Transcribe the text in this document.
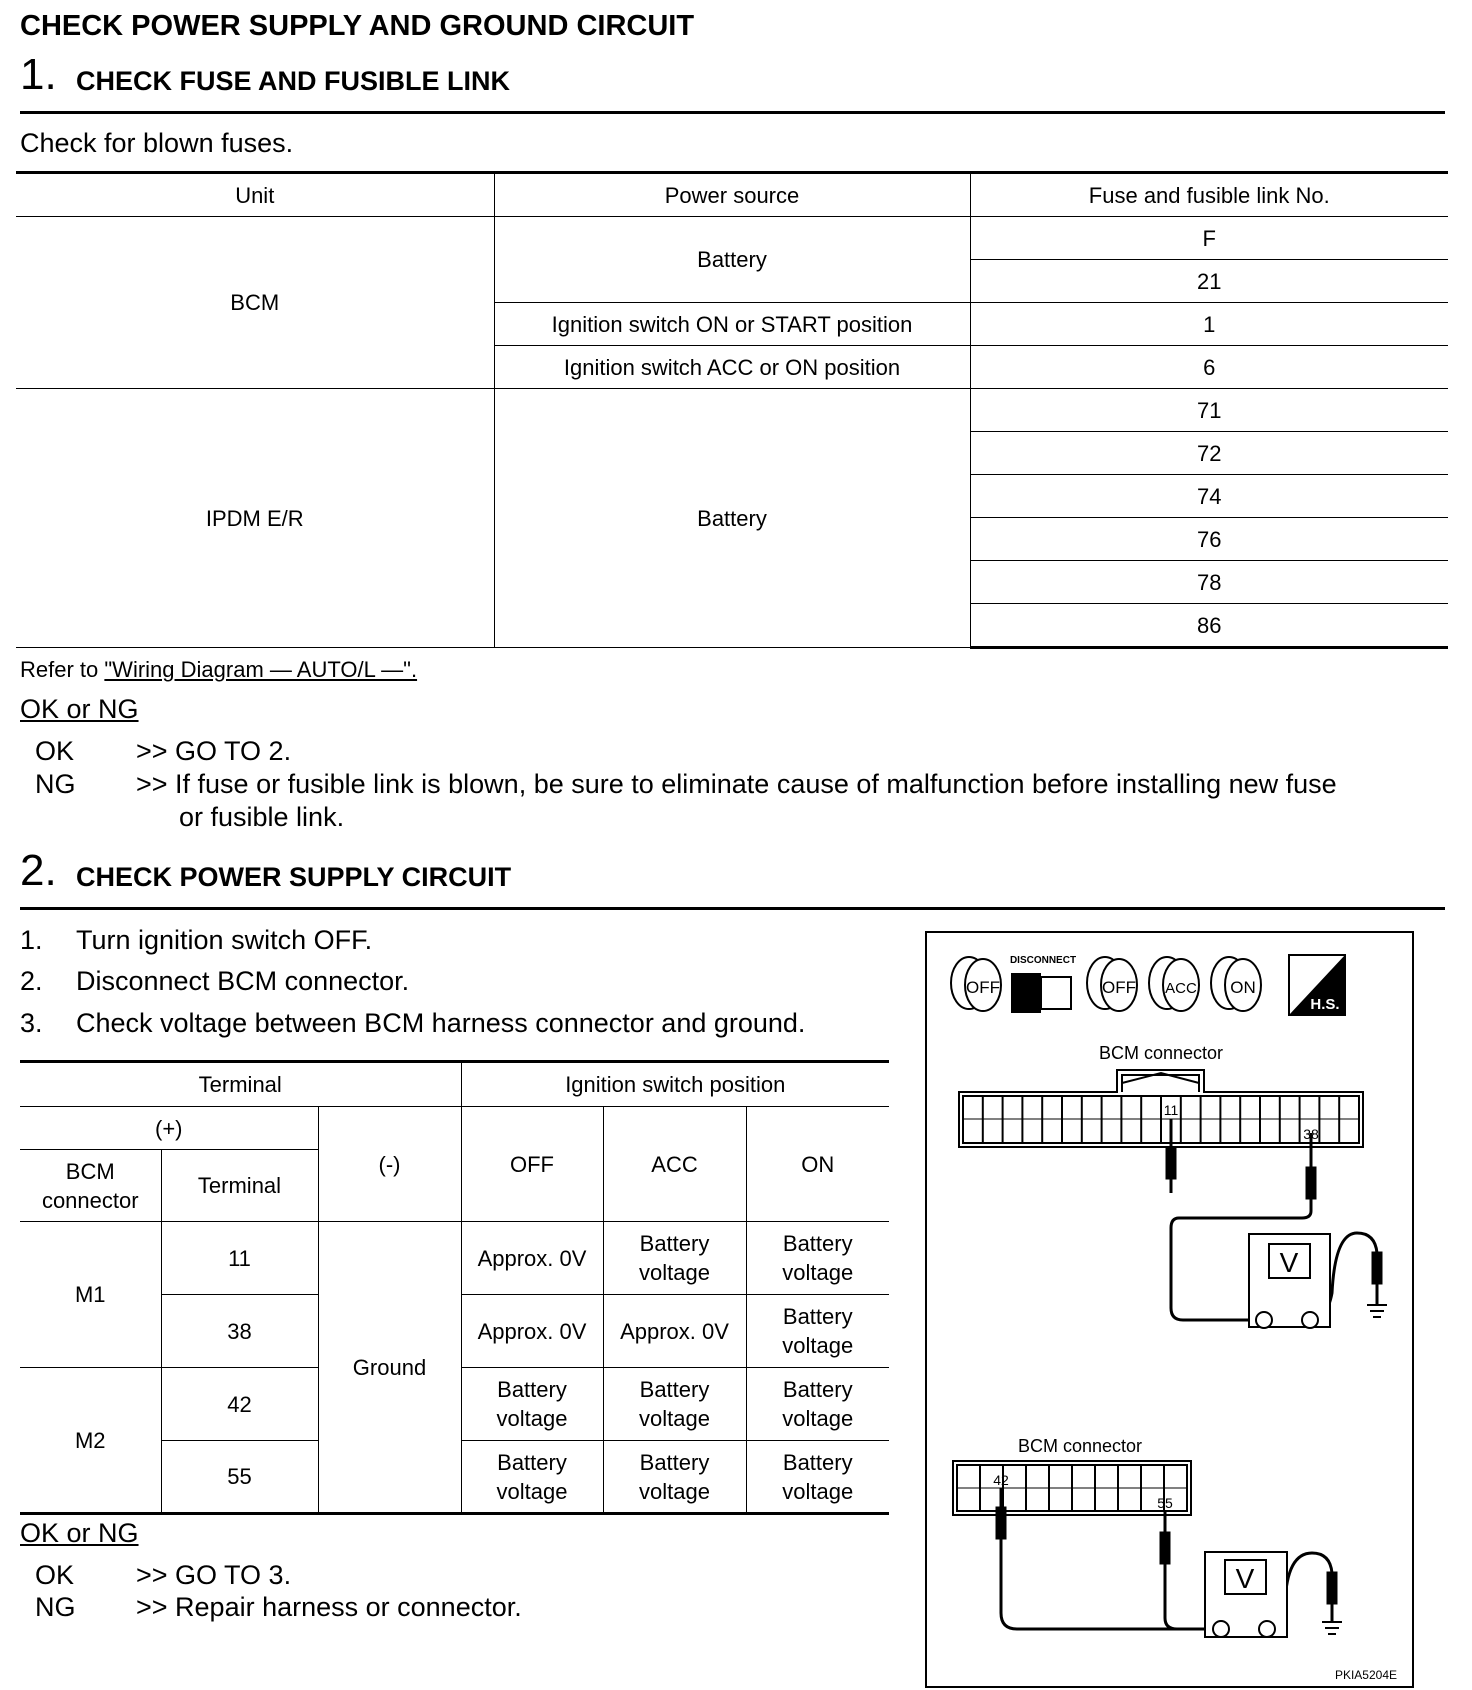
CHECK POWER SUPPLY AND GROUND CIRCUIT
1. CHECK FUSE AND FUSIBLE LINK
Check for blown fuses.
Unit	Power source	Fuse and fusible link No.
BCM	Battery	F
		21
	Ignition switch ON or START position	1
	Ignition switch ACC or ON position	6
IPDM E/R	Battery	71
		72
		74
		76
		78
		86
Refer to "Wiring Diagram — AUTO/L —".
OK or NG
OK >> GO TO 2.
NG >> If fuse or fusible link is blown, be sure to eliminate cause of malfunction before installing new fuse
or fusible link.
2. CHECK POWER SUPPLY CIRCUIT
1. Turn ignition switch OFF.
2. Disconnect BCM connector.
3. Check voltage between BCM harness connector and ground.
Terminal			Ignition switch position		
(+)		(-)	OFF	ACC	ON
BCM connector	Terminal				
M1	11	Ground	Approx. 0V	Battery voltage	Battery voltage
	38		Approx. 0V	Approx. 0V	Battery voltage
M2	42		Battery voltage	Battery voltage	Battery voltage
	55		Battery voltage	Battery voltage	Battery voltage
OK or NG
OK >> GO TO 3.
NG >> Repair harness or connector.
OFF
DISCONNECT
OFF ACC ON
H.S.
BCM connector
11
38
V
BCM connector
42
55
V
PKIA5204E
